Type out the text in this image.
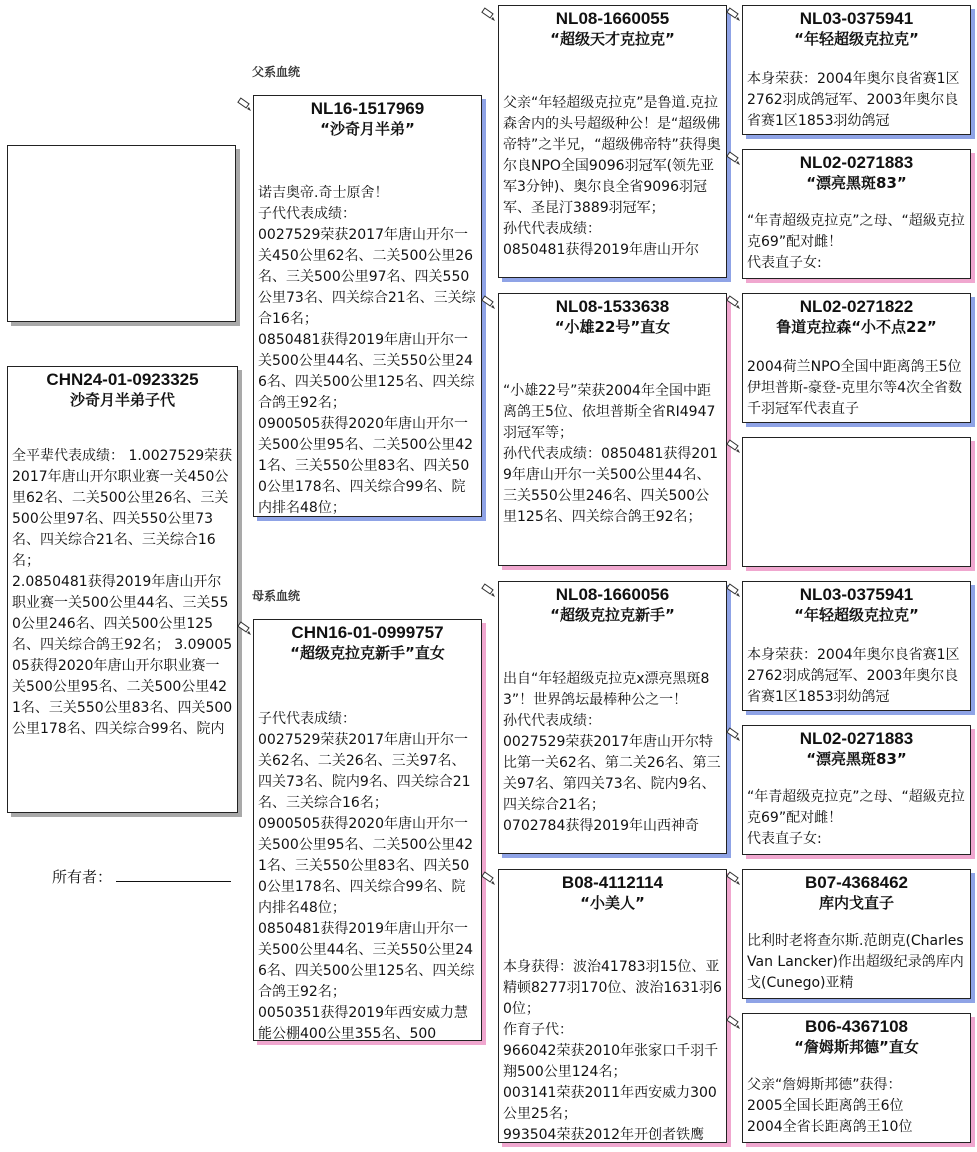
CHN24-01-0923325
沙奇月半弟子代
全平辈代表成绩： 1.0027529荣获2017年唐山开尔职业赛一关450公里62名、二关500公里26名、三关500公里97名、四关550公里73名、四关综合21名、三关综合16名；
2.0850481获得2019年唐山开尔职业赛一关500公里44名、三关550公里246名、四关500公里125名、四关综合鸽王92名； 3.0900505获得2020年唐山开尔职业赛一关500公里95名、二关500公里421名、三关550公里83名、四关500公里178名、四关综合99名、院内
所有者：
父系血统
母系血统
NL16-1517969
“沙奇月半弟”
诺吉奥帝.奇士原舍！
子代代表成绩：
0027529荣获2017年唐山开尔一关450公里62名、二关500公里26名、三关500公里97名、四关550公里73名、四关综合21名、三关综合16名；
0850481获得2019年唐山开尔一关500公里44名、三关550公里246名、四关500公里125名、四关综合鸽王92名；
0900505获得2020年唐山开尔一关500公里95名、二关500公里421名、三关550公里83名、四关500公里178名、四关综合99名、院内排名48位；
CHN16-01-0999757
“超级克拉克新手”直女
子代代表成绩：
0027529荣获2017年唐山开尔一关62名、二关26名、三关97名、四关73名、院内9名、四关综合21名、三关综合16名；
0900505获得2020年唐山开尔一关500公里95名、二关500公里421名、三关550公里83名、四关500公里178名、四关综合99名、院内排名48位；
0850481获得2019年唐山开尔一关500公里44名、三关550公里246名、四关500公里125名、四关综合鸽王92名；
0050351获得2019年西安威力慧能公棚400公里355名、500
NL08-1660055
“超级天才克拉克”
父亲“年轻超级克拉克”是鲁道.克拉森舍内的头号超级种公！是“超级佛帝特”之半兄，“超级佛帝特”获得奥尔良NPO全国9096羽冠军(领先亚军3分钟)、奥尔良全省9096羽冠军、圣昆汀3889羽冠军；
孙代代表成绩：
0850481获得2019年唐山开尔
NL08-1533638
“小雄22号”直女
“小雄22号”荣获2004年全国中距离鸽王5位、依坦普斯全省RI4947羽冠军等；
孙代代表成绩：0850481获得2019年唐山开尔一关500公里44名、三关550公里246名、四关500公里125名、四关综合鸽王92名；
NL08-1660056
“超级克拉克新手”
出自“年轻超级克拉克x漂亮黑斑83”！世界鸽坛最棒种公之一！
孙代代表成绩：
0027529荣获2017年唐山开尔特比第一关62名、第二关26名、第三关97名、第四关73名、院内9名、四关综合21名；
0702784获得2019年山西神奇
B08-4112114
“小美人”
本身获得：波治41783羽15位、亚精顿8277羽170位、波治1631羽60位；
作育子代：
966042荣获2010年张家口千羽千翔500公里124名；
003141荣获2011年西安威力300公里25名；
993504荣获2012年开创者铁鹰
NL03-0375941
“年轻超级克拉克”
本身荣获：2004年奥尔良省赛1区2762羽成鸽冠军、2003年奥尔良省赛1区1853羽幼鸽冠
NL02-0271883
“漂亮黑斑83”
“年青超级克拉克”之母、“超級克拉克69”配对雌！
代表直子女:
NL02-0271822
鲁道克拉森“小不点22”
2004荷兰NPO全国中距离鸽王5位伊坦普斯-豪登-克里尔等4次全省数千羽冠军代表直子
NL03-0375941
“年轻超级克拉克”
本身荣获：2004年奥尔良省赛1区2762羽成鸽冠军、2003年奥尔良省赛1区1853羽幼鸽冠
NL02-0271883
“漂亮黑斑83”
“年青超级克拉克”之母、“超級克拉克69”配对雌！
代表直子女:
B07-4368462
库内戈直子
比利时老将查尔斯.范朗克(Charles Van Lancker)作出超级纪录鸽库内戈(Cunego)亚精
B06-4367108
“詹姆斯邦德”直女
父亲“詹姆斯邦德”获得：
2005全国长距离鸽王6位
2004全省长距离鸽王10位
